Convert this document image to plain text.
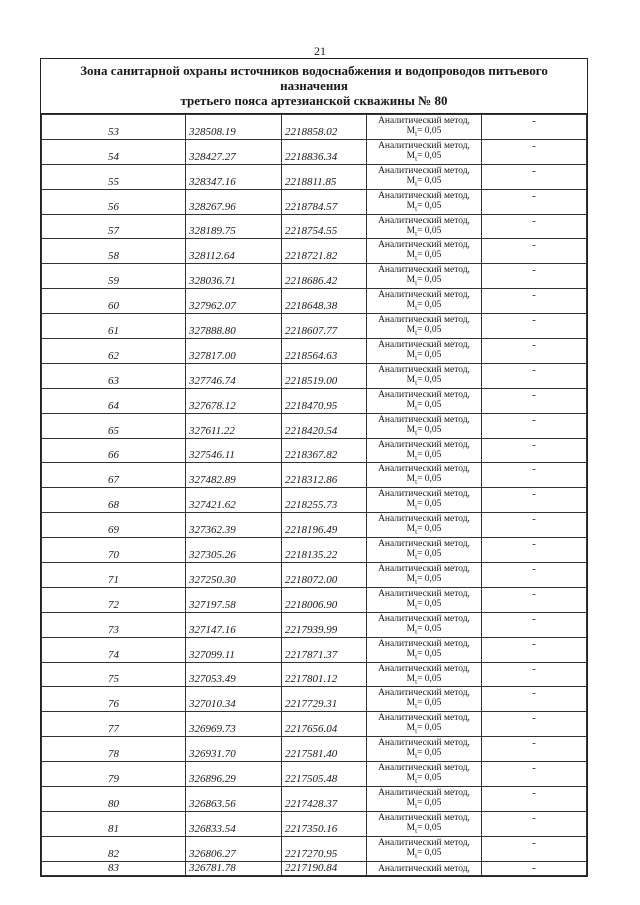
21
Зона санитарной охраны источников водоснабжения и водопроводов питьевого назначения
третьего пояса артезианской скважины № 80
53	328508.19	2218858.02	Аналитический метод,
$M_t= 0,05$	-
54	328427.27	2218836.34	Аналитический метод,
$M_t= 0,05$	-
55	328347.16	2218811.85	Аналитический метод,
$M_t= 0,05$	-
56	328267.96	2218784.57	Аналитический метод,
$M_t= 0,05$	-
57	328189.75	2218754.55	Аналитический метод,
$M_t= 0,05$	-
58	328112.64	2218721.82	Аналитический метод,
$M_t= 0,05$	-
59	328036.71	2218686.42	Аналитический метод,
$M_t= 0,05$	-
60	327962.07	2218648.38	Аналитический метод,
$M_t= 0,05$	-
61	327888.80	2218607.77	Аналитический метод,
$M_t= 0,05$	-
62	327817.00	2218564.63	Аналитический метод,
$M_t= 0,05$	-
63	327746.74	2218519.00	Аналитический метод,
$M_t= 0,05$	-
64	327678.12	2218470.95	Аналитический метод,
$M_t= 0,05$	-
65	327611.22	2218420.54	Аналитический метод,
$M_t= 0,05$	-
66	327546.11	2218367.82	Аналитический метод,
$M_t= 0,05$	-
67	327482.89	2218312.86	Аналитический метод,
$M_t= 0,05$	-
68	327421.62	2218255.73	Аналитический метод,
$M_t= 0,05$	-
69	327362.39	2218196.49	Аналитический метод,
$M_t= 0,05$	-
70	327305.26	2218135.22	Аналитический метод,
$M_t= 0,05$	-
71	327250.30	2218072.00	Аналитический метод,
$M_t= 0,05$	-
72	327197.58	2218006.90	Аналитический метод,
$M_t= 0,05$	-
73	327147.16	2217939.99	Аналитический метод,
$M_t= 0,05$	-
74	327099.11	2217871.37	Аналитический метод,
$M_t= 0,05$	-
75	327053.49	2217801.12	Аналитический метод,
$M_t= 0,05$	-
76	327010.34	2217729.31	Аналитический метод,
$M_t= 0,05$	-
77	326969.73	2217656.04	Аналитический метод,
$M_t= 0,05$	-
78	326931.70	2217581.40	Аналитический метод,
$M_t= 0,05$	-
79	326896.29	2217505.48	Аналитический метод,
$M_t= 0,05$	-
80	326863.56	2217428.37	Аналитический метод,
$M_t= 0,05$	-
81	326833.54	2217350.16	Аналитический метод,
$M_t= 0,05$	-
82	326806.27	2217270.95	Аналитический метод,
$M_t= 0,05$	-
83	326781.78	2217190.84	Аналитический метод,	-
